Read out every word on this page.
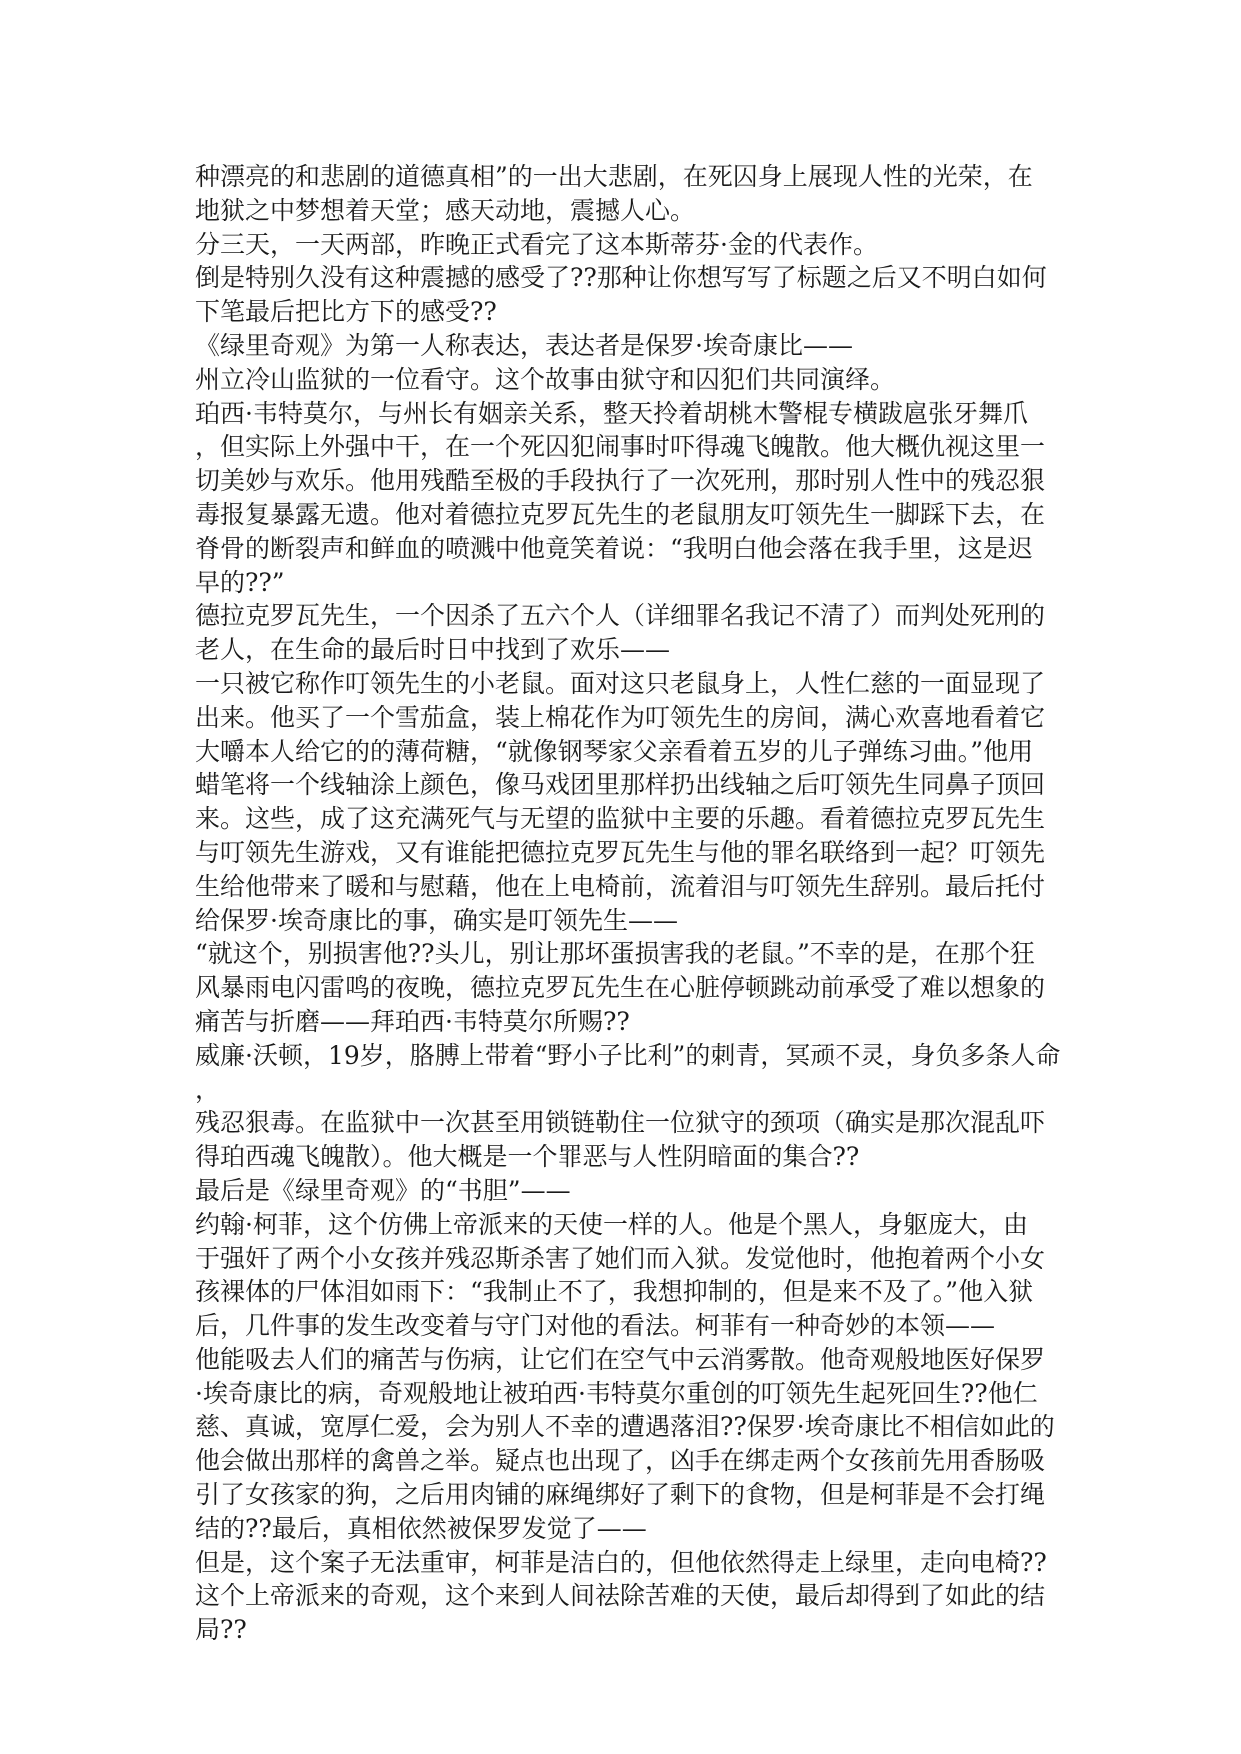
种漂亮的和悲剧的道德真相”的一出大悲剧，在死囚身上展现人性的光荣，在
地狱之中梦想着天堂；感天动地，震撼人心。
分三天，一天两部，昨晚正式看完了这本斯蒂芬·金的代表作。
倒是特别久没有这种震撼的感受了??那种让你想写写了标题之后又不明白如何
下笔最后把比方下的感受??
《绿里奇观》为第一人称表达，表达者是保罗·埃奇康比——
州立冷山监狱的一位看守。这个故事由狱守和囚犯们共同演绎。
珀西·韦特莫尔，与州长有姻亲关系，整天拎着胡桃木警棍专横跋扈张牙舞爪
，但实际上外强中干，在一个死囚犯闹事时吓得魂飞魄散。他大概仇视这里一
切美妙与欢乐。他用残酷至极的手段执行了一次死刑，那时别人性中的残忍狠
毒报复暴露无遗。他对着德拉克罗瓦先生的老鼠朋友叮领先生一脚踩下去，在
脊骨的断裂声和鲜血的喷溅中他竟笑着说：“我明白他会落在我手里，这是迟
早的??”
德拉克罗瓦先生，一个因杀了五六个人（详细罪名我记不清了）而判处死刑的
老人，在生命的最后时日中找到了欢乐——
一只被它称作叮领先生的小老鼠。面对这只老鼠身上，人性仁慈的一面显现了
出来。他买了一个雪茄盒，装上棉花作为叮领先生的房间，满心欢喜地看着它
大嚼本人给它的的薄荷糖，“就像钢琴家父亲看着五岁的儿子弹练习曲。”他用
蜡笔将一个线轴涂上颜色，像马戏团里那样扔出线轴之后叮领先生同鼻子顶回
来。这些，成了这充满死气与无望的监狱中主要的乐趣。看着德拉克罗瓦先生
与叮领先生游戏，又有谁能把德拉克罗瓦先生与他的罪名联络到一起？叮领先
生给他带来了暖和与慰藉，他在上电椅前，流着泪与叮领先生辞别。最后托付
给保罗·埃奇康比的事，确实是叮领先生——
“就这个，别损害他??头儿，别让那坏蛋损害我的老鼠。”不幸的是，在那个狂
风暴雨电闪雷鸣的夜晚，德拉克罗瓦先生在心脏停顿跳动前承受了难以想象的
痛苦与折磨——拜珀西·韦特莫尔所赐??
威廉·沃顿，19岁，胳膊上带着“野小子比利”的刺青，冥顽不灵，身负多条人命
，
残忍狠毒。在监狱中一次甚至用锁链勒住一位狱守的颈项（确实是那次混乱吓
得珀西魂飞魄散）。他大概是一个罪恶与人性阴暗面的集合??
最后是《绿里奇观》的“书胆”——
约翰·柯菲，这个仿佛上帝派来的天使一样的人。他是个黑人，身躯庞大，由
于强奸了两个小女孩并残忍斯杀害了她们而入狱。发觉他时，他抱着两个小女
孩裸体的尸体泪如雨下：“我制止不了，我想抑制的，但是来不及了。”他入狱
后，几件事的发生改变着与守门对他的看法。柯菲有一种奇妙的本领——
他能吸去人们的痛苦与伤病，让它们在空气中云消雾散。他奇观般地医好保罗
·埃奇康比的病，奇观般地让被珀西·韦特莫尔重创的叮领先生起死回生??他仁
慈、真诚，宽厚仁爱，会为别人不幸的遭遇落泪??保罗·埃奇康比不相信如此的
他会做出那样的禽兽之举。疑点也出现了，凶手在绑走两个女孩前先用香肠吸
引了女孩家的狗，之后用肉铺的麻绳绑好了剩下的食物，但是柯菲是不会打绳
结的??最后，真相依然被保罗发觉了——
但是，这个案子无法重审，柯菲是洁白的，但他依然得走上绿里，走向电椅??
这个上帝派来的奇观，这个来到人间祛除苦难的天使，最后却得到了如此的结
局??
